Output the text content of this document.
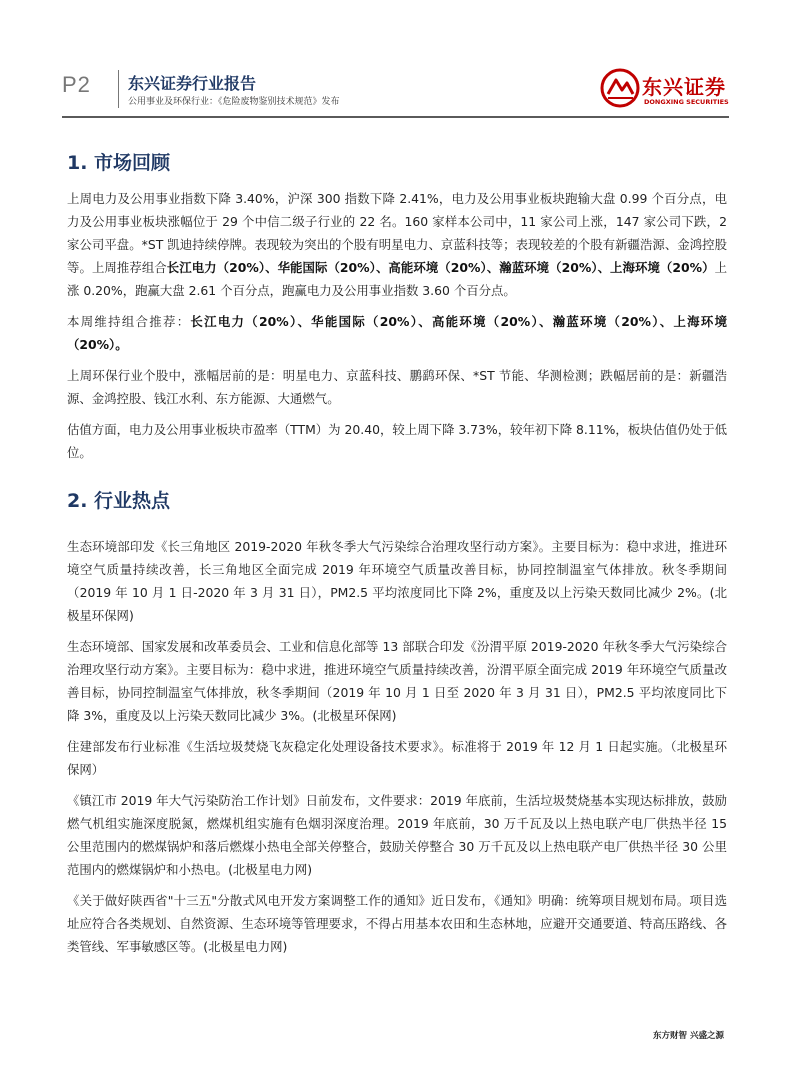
P2 东兴证券行业报告
公用事业及环保行业：《危险废物鉴别技术规范》发布
东兴证券
DONGXING SECURITIES
1. 市场回顾

上周电力及公用事业指数下降 3.40%，沪深 300 指数下降 2.41%，电力及公用事业板块跑输大盘 0.99 个百分点，电力及公用事业板块涨幅位于 29 个中信二级子行业的 22 名。160 家样本公司中，11 家公司上涨，147 家公司下跌，2 家公司平盘。*ST 凯迪持续停牌。表现较为突出的个股有明星电力、京蓝科技等；表现较差的个股有新疆浩源、金鸿控股等。上周推荐组合长江电力（20%）、华能国际（20%）、高能环境（20%）、瀚蓝环境（20%）、上海环境（20%）上涨 0.20%，跑赢大盘 2.61 个百分点，跑赢电力及公用事业指数 3.60 个百分点。

本周维持组合推荐：长江电力（20%）、华能国际（20%）、高能环境（20%）、瀚蓝环境（20%）、上海环境（20%）。

上周环保行业个股中，涨幅居前的是：明星电力、京蓝科技、鹏鹞环保、*ST 节能、华测检测；跌幅居前的是：新疆浩源、金鸿控股、钱江水利、东方能源、大通燃气。

估值方面，电力及公用事业板块市盈率（TTM）为 20.40，较上周下降 3.73%，较年初下降 8.11%，板块估值仍处于低位。

2. 行业热点

生态环境部印发《长三角地区 2019-2020 年秋冬季大气污染综合治理攻坚行动方案》。主要目标为：稳中求进，推进环境空气质量持续改善，长三角地区全面完成 2019 年环境空气质量改善目标，协同控制温室气体排放。秋冬季期间（2019 年 10 月 1 日-2020 年 3 月 31 日），PM2.5 平均浓度同比下降 2%，重度及以上污染天数同比减少 2%。(北极星环保网)

生态环境部、国家发展和改革委员会、工业和信息化部等 13 部联合印发《汾渭平原 2019-2020 年秋冬季大气污染综合治理攻坚行动方案》。主要目标为：稳中求进，推进环境空气质量持续改善，汾渭平原全面完成 2019 年环境空气质量改善目标，协同控制温室气体排放，秋冬季期间（2019 年 10 月 1 日至 2020 年 3 月 31 日），PM2.5 平均浓度同比下降 3%，重度及以上污染天数同比减少 3%。(北极星环保网)

住建部发布行业标准《生活垃圾焚烧飞灰稳定化处理设备技术要求》。标准将于 2019 年 12 月 1 日起实施。（北极星环保网）

《镇江市 2019 年大气污染防治工作计划》日前发布，文件要求：2019 年底前，生活垃圾焚烧基本实现达标排放，鼓励燃气机组实施深度脱氮，燃煤机组实施有色烟羽深度治理。2019 年底前，30 万千瓦及以上热电联产电厂供热半径 15 公里范围内的燃煤锅炉和落后燃煤小热电全部关停整合，鼓励关停整合 30 万千瓦及以上热电联产电厂供热半径 30 公里范围内的燃煤锅炉和小热电。(北极星电力网)

《关于做好陕西省"十三五"分散式风电开发方案调整工作的通知》近日发布，《通知》明确：统筹项目规划布局。项目选址应符合各类规划、自然资源、生态环境等管理要求，不得占用基本农田和生态林地，应避开交通要道、特高压路线、各类管线、军事敏感区等。(北极星电力网)

东方财智 兴盛之源
